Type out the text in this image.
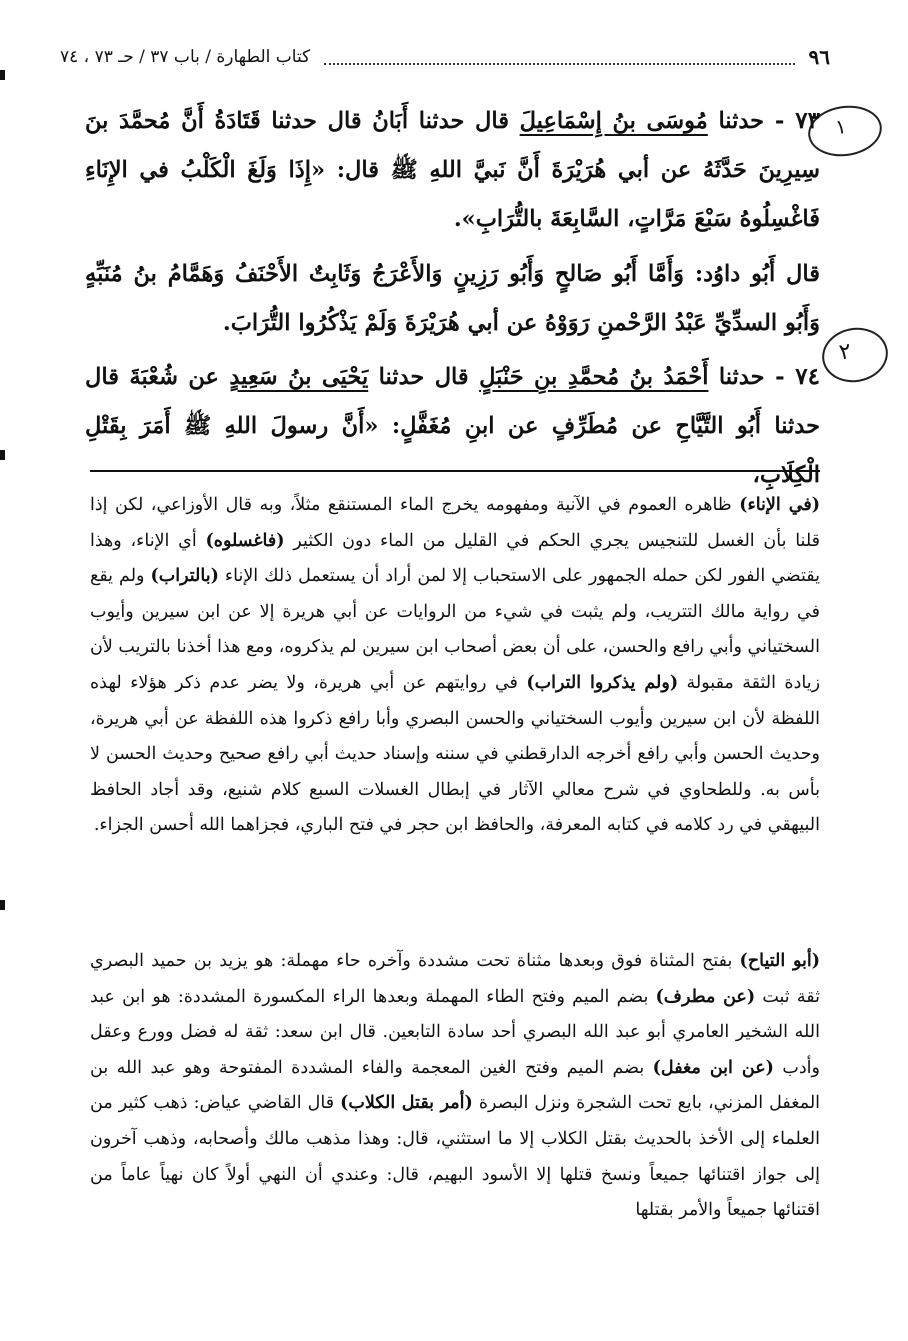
٩٦
كتاب الطهارة / باب ٣٧ / حـ ٧٣ ، ٧٤
١
٢
٧٣ - حدثنا مُوسَى بنُ إِسْمَاعِيلَ قال حدثنا أَبَانُ قال حدثنا قَتَادَةُ أَنَّ مُحمَّدَ بنَ سِيرِينَ حَدَّثَهُ عن أبي هُرَيْرَةَ أَنَّ نَبيَّ اللهِ ﷺ قال: «إِذَا وَلَغَ الْكَلْبُ في الإِنَاءِ فَاغْسِلُوهُ سَبْعَ مَرَّاتٍ، السَّابِعَةَ بالتُّرَابِ».
قال أَبُو داوُد: وَأَمَّا أَبُو صَالحٍ وَأَبُو رَزِينٍ وَالأَعْرَجُ وَثَابِتٌ الأَحْنَفُ وَهَمَّامُ بنُ مُنَبِّهٍ وَأَبُو السدِّيِّ عَبْدُ الرَّحْمنِ رَوَوْهُ عن أبي هُرَيْرَةَ وَلَمْ يَذْكُرُوا التُّرَابَ.
٧٤ - حدثنا أَحْمَدُ بنُ مُحمَّدِ بنِ حَنْبَلٍ قال حدثنا يَحْيَى بنُ سَعِيدٍ عن شُعْبَةَ قال حدثنا أَبُو التَّيَّاحِ عن مُطَرِّفٍ عن ابنِ مُغَفَّلٍ: «أَنَّ رسولَ اللهِ ﷺ أَمَرَ بِقَتْلِ الْكِلَابِ،
(في الإناء) ظاهره العموم في الآنية ومفهومه يخرج الماء المستنقع مثلاً، وبه قال الأوزاعي، لكن إذا قلنا بأن الغسل للتنجيس يجري الحكم في القليل من الماء دون الكثير (فاغسلوه) أي الإناء، وهذا يقتضي الفور لكن حمله الجمهور على الاستحباب إلا لمن أراد أن يستعمل ذلك الإناء (بالتراب) ولم يقع في رواية مالك التتريب، ولم يثبت في شيء من الروايات عن أبي هريرة إلا عن ابن سيرين وأيوب السختياني وأبي رافع والحسن، على أن بعض أصحاب ابن سيرين لم يذكروه، ومع هذا أخذنا بالتريب لأن زيادة الثقة مقبولة (ولم يذكروا التراب) في روايتهم عن أبي هريرة، ولا يضر عدم ذكر هؤلاء لهذه اللفظة لأن ابن سيرين وأيوب السختياني والحسن البصري وأبا رافع ذكروا هذه اللفظة عن أبي هريرة، وحديث الحسن وأبي رافع أخرجه الدارقطني في سننه وإسناد حديث أبي رافع صحيح وحديث الحسن لا بأس به. وللطحاوي في شرح معالي الآثار في إبطال الغسلات السبع كلام شنيع، وقد أجاد الحافظ البيهقي في رد كلامه في كتابه المعرفة، والحافظ ابن حجر في فتح الباري، فجزاهما الله أحسن الجزاء.
(أبو التياح) بفتح المثناة فوق وبعدها مثناة تحت مشددة وآخره حاء مهملة: هو يزيد بن حميد البصري ثقة ثبت (عن مطرف) بضم الميم وفتح الطاء المهملة وبعدها الراء المكسورة المشددة: هو ابن عبد الله الشخير العامري أبو عبد الله البصري أحد سادة التابعين. قال ابن سعد: ثقة له فضل وورع وعقل وأدب (عن ابن مغفل) بضم الميم وفتح الغين المعجمة والفاء المشددة المفتوحة وهو عبد الله بن المغفل المزني، بايع تحت الشجرة ونزل البصرة (أمر بقتل الكلاب) قال القاضي عياض: ذهب كثير من العلماء إلى الأخذ بالحديث بقتل الكلاب إلا ما استثني، قال: وهذا مذهب مالك وأصحابه، وذهب آخرون إلى جواز اقتنائها جميعاً ونسخ قتلها إلا الأسود البهيم، قال: وعندي أن النهي أولاً كان نهياً عاماً من اقتنائها جميعاً والأمر بقتلها
